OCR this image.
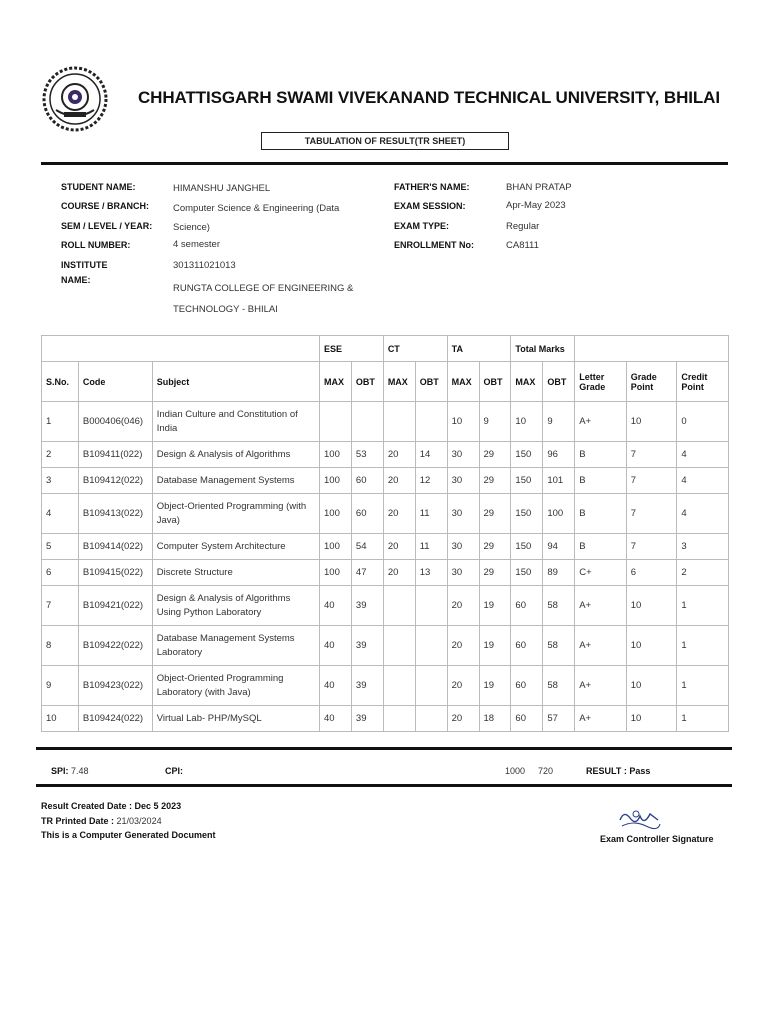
CHHATTISGARH SWAMI VIVEKANAND TECHNICAL UNIVERSITY, BHILAI
TABULATION OF RESULT(TR SHEET)
STUDENT NAME:	HIMANSHU JANGHEL
COURSE / BRANCH:	Computer Science & Engineering (Data
SEM / LEVEL / YEAR: Science)
ROLL NUMBER:	4 semester
INSTITUTE
NAME:
301311021013
RUNGTA COLLEGE OF ENGINEERING &
TECHNOLOGY - BHILAI
FATHER'S NAME:	BHAN PRATAP
EXAM SESSION:	Apr-May 2023
EXAM TYPE:	Regular
ENROLLMENT No:	CA8111
			ESE		CT		TA		Total Marks				
S.No.	Code	Subject	MAX	OBT	MAX	OBT	MAX	OBT	MAX	OBT	Letter
Grade	Grade
Point	Credit
Point
1	B000406(046)	Indian Culture and Constitution of India					10	9	10	9	A+	10	0
2	B109411(022)	Design & Analysis of Algorithms	100	53	20	14	30	29	150	96	B	7	4
3	B109412(022)	Database Management Systems	100	60	20	12	30	29	150	101	B	7	4
4	B109413(022)	Object-Oriented Programming (with Java)	100	60	20	11	30	29	150	100	B	7	4
5	B109414(022)	Computer System Architecture	100	54	20	11	30	29	150	94	B	7	3
6	B109415(022)	Discrete Structure	100	47	20	13	30	29	150	89	C+	6	2
7	B109421(022)	Design & Analysis of Algorithms Using Python Laboratory	40	39			20	19	60	58	A+	10	1
8	B109422(022)	Database Management Systems Laboratory	40	39			20	19	60	58	A+	10	1
9	B109423(022)	Object-Oriented Programming Laboratory (with Java)	40	39			20	19	60	58	A+	10	1
10	B109424(022)	Virtual Lab- PHP/MySQL	40	39			20	18	60	57	A+	10	1
SPI: 7.48	CPI:	1000 720	RESULT : Pass
Result Created Date : Dec 5 2023
TR Printed Date : 21/03/2024
This is a Computer Generated Document	Exam Controller Signature
